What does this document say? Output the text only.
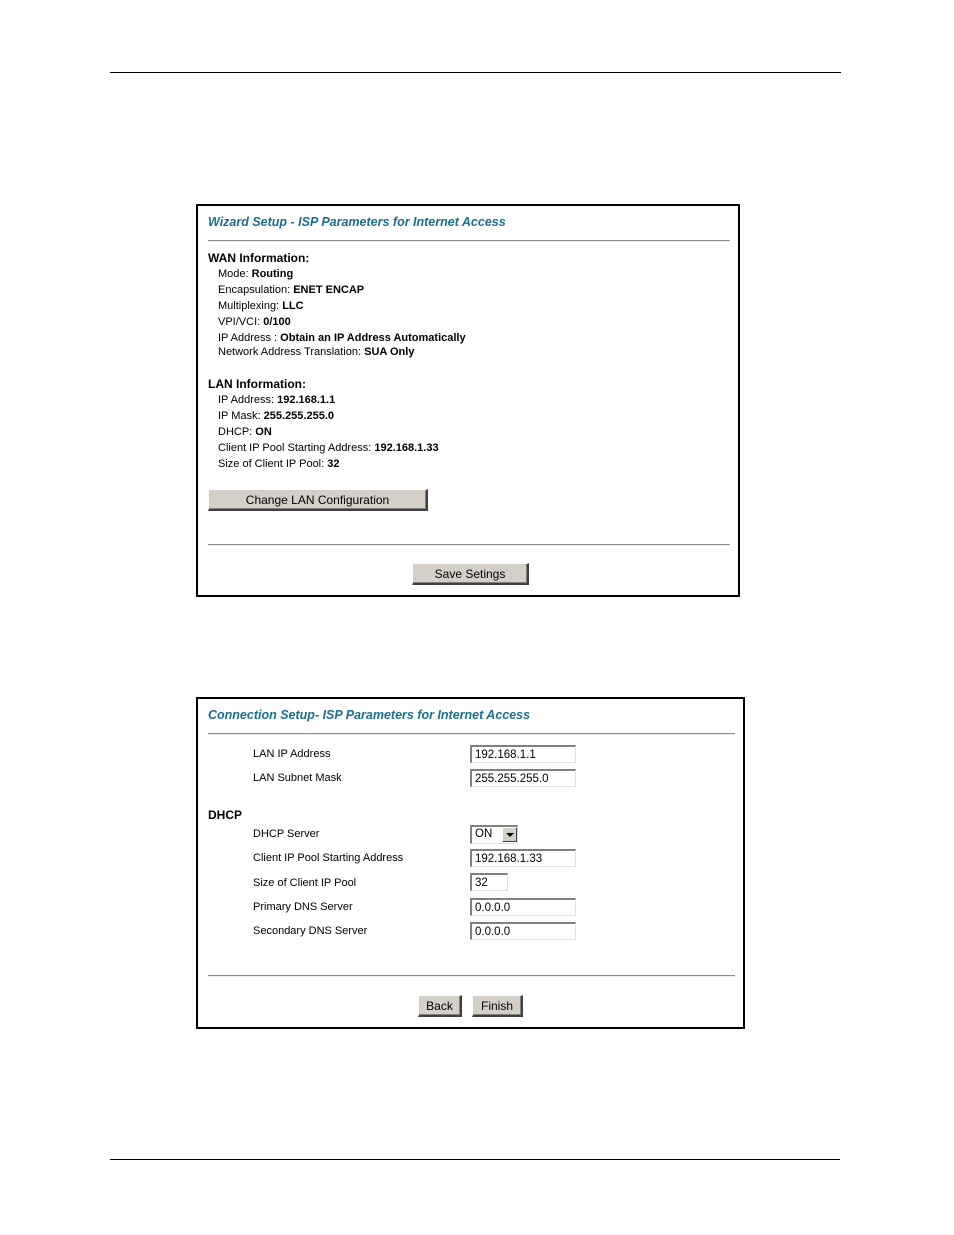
Wizard Setup - ISP Parameters for Internet Access
WAN Information:
Mode: Routing
Encapsulation: ENET ENCAP
Multiplexing: LLC
VPI/VCI: 0/100
IP Address : Obtain an IP Address Automatically
Network Address Translation: SUA Only
LAN Information:
IP Address: 192.168.1.1
IP Mask: 255.255.255.0
DHCP: ON
Client IP Pool Starting Address: 192.168.1.33
Size of Client IP Pool: 32
Change LAN Configuration
Save Setings
Connection Setup- ISP Parameters for Internet Access
LAN IP Address	192.168.1.1
LAN Subnet Mask	255.255.255.0
DHCP
DHCP Server	ON
Client IP Pool Starting Address	192.168.1.33
Size of Client IP Pool	32
Primary DNS Server	0.0.0.0
Secondary DNS Server	0.0.0.0
Back	Finish
